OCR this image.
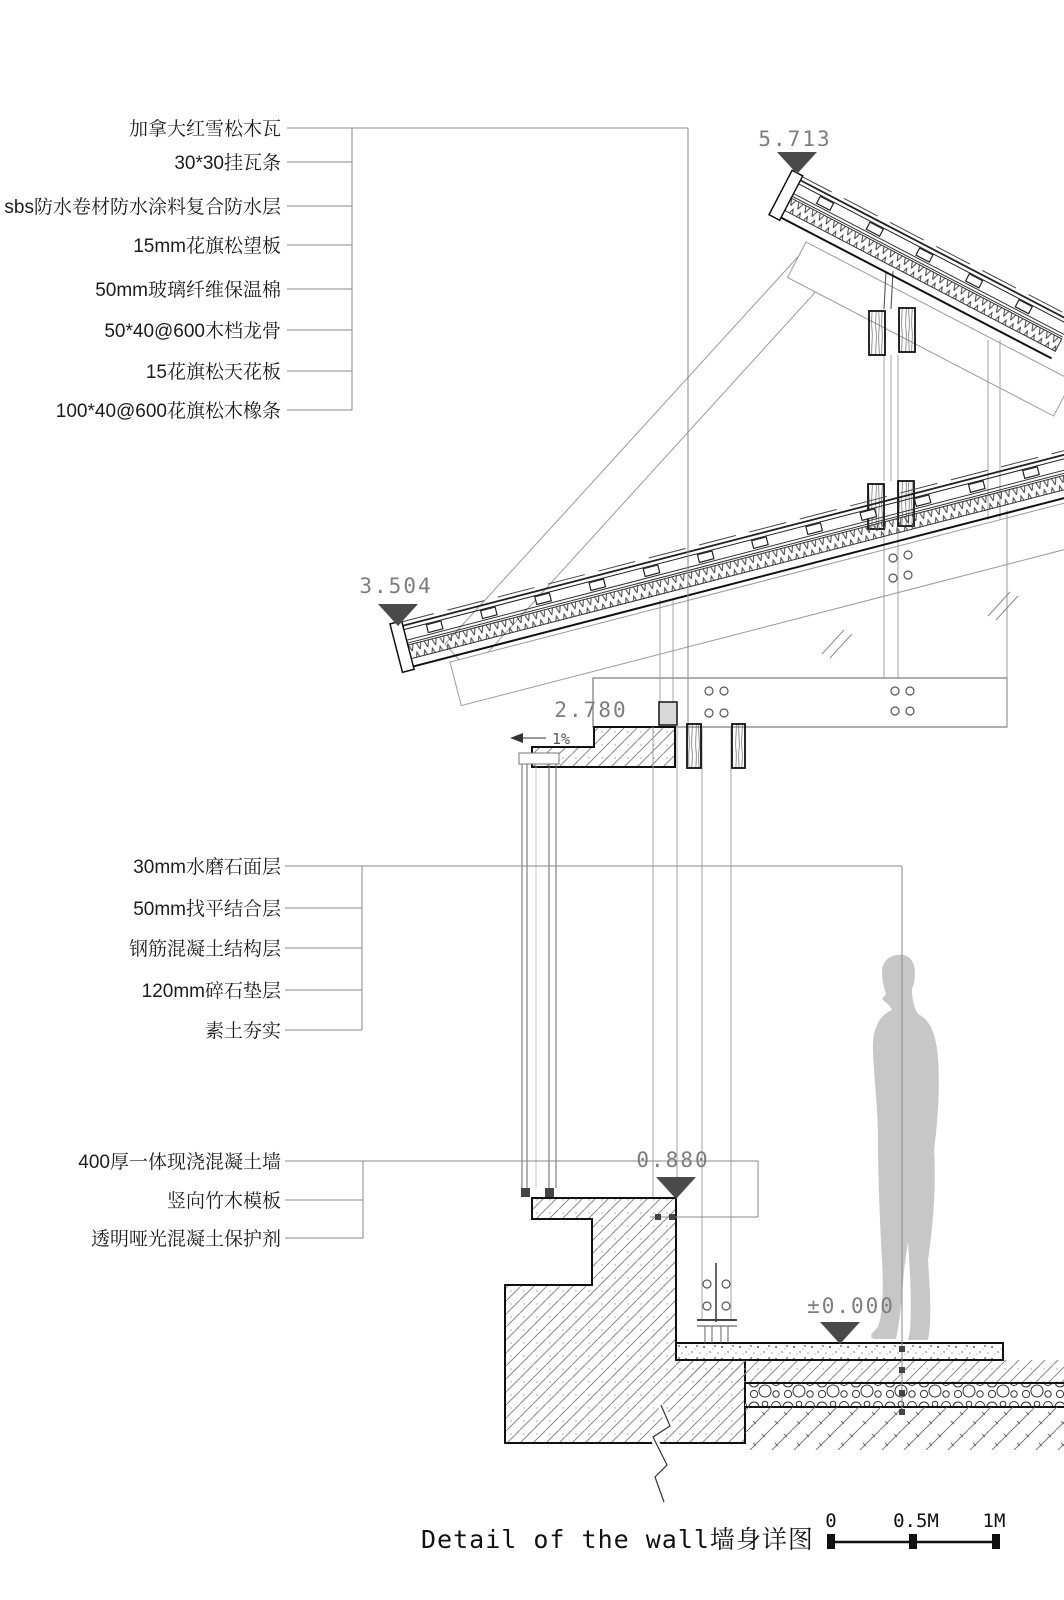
1%
加拿大红雪松木瓦
30*30挂瓦条
sbs防水卷材防水涂料复合防水层
15mm花旗松望板
50mm玻璃纤维保温棉
50*40@600木档龙骨
15花旗松天花板
100*40@600花旗松木橡条
30mm水磨石面层
50mm找平结合层
钢筋混凝土结构层
120mm碎石垫层
素土夯实
400厚一体现浇混凝土墙
竖向竹木模板
透明哑光混凝土保护剂
5.713
3.504
2.780
0.880
±0.000
Detail of the wall墙身详图
0	0.5M 1M
